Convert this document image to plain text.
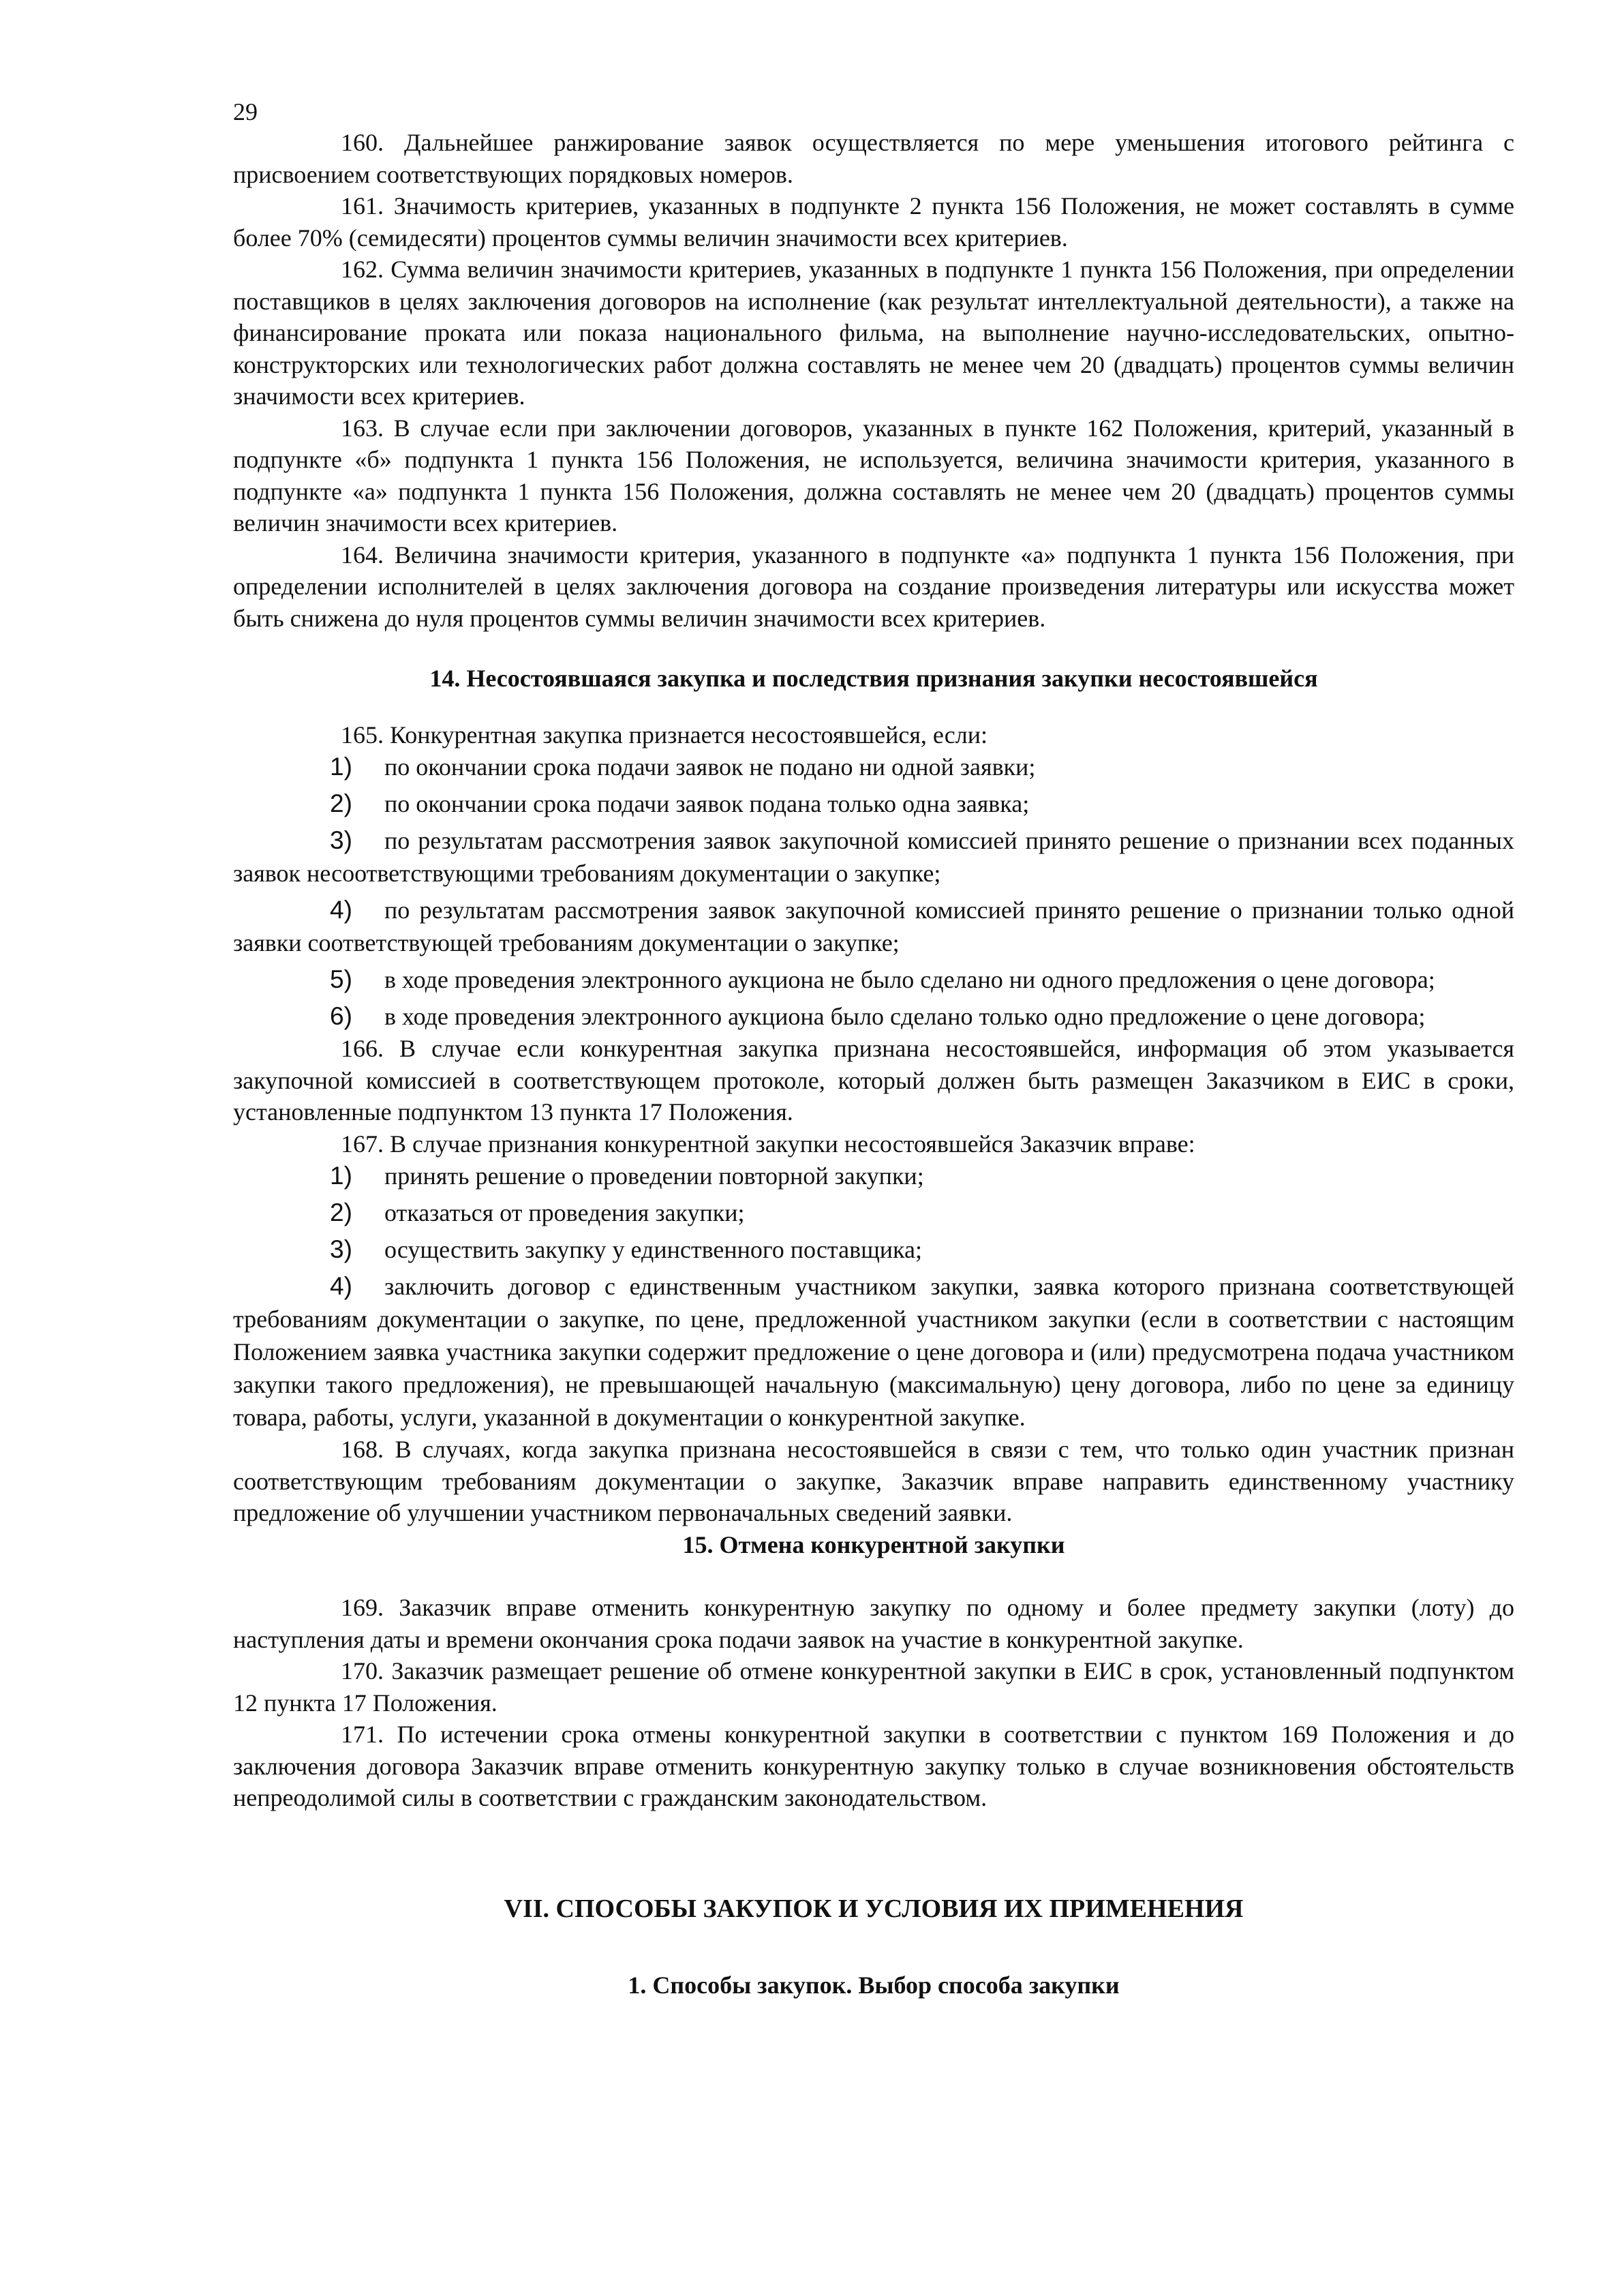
29

160. Дальнейшее ранжирование заявок осуществляется по мере уменьшения итогового рейтинга с присвоением соответствующих порядковых номеров.

161. Значимость критериев, указанных в подпункте 2 пункта 156 Положения, не может составлять в сумме более 70% (семидесяти) процентов суммы величин значимости всех критериев.

162. Сумма величин значимости критериев, указанных в подпункте 1 пункта 156 Положения, при определении поставщиков в целях заключения договоров на исполнение (как результат интеллектуальной деятельности), а также на финансирование проката или показа национального фильма, на выполнение научно-исследовательских, опытно-конструкторских или технологических работ должна составлять не менее чем 20 (двадцать) процентов суммы величин значимости всех критериев.

163. В случае если при заключении договоров, указанных в пункте 162 Положения, критерий, указанный в подпункте «б» подпункта 1 пункта 156 Положения, не используется, величина значимости критерия, указанного в подпункте «а» подпункта 1 пункта 156 Положения, должна составлять не менее чем 20 (двадцать) процентов суммы величин значимости всех критериев.

164. Величина значимости критерия, указанного в подпункте «а» подпункта 1 пункта 156 Положения, при определении исполнителей в целях заключения договора на создание произведения литературы или искусства может быть снижена до нуля процентов суммы величин значимости всех критериев.

14. Несостоявшаяся закупка и последствия признания закупки несостоявшейся

165. Конкурентная закупка признается несостоявшейся, если:

1) по окончании срока подачи заявок не подано ни одной заявки;

2) по окончании срока подачи заявок подана только одна заявка;

3) по результатам рассмотрения заявок закупочной комиссией принято решение о признании всех поданных заявок несоответствующими требованиям документации о закупке;

4) по результатам рассмотрения заявок закупочной комиссией принято решение о признании только одной заявки соответствующей требованиям документации о закупке;

5) в ходе проведения электронного аукциона не было сделано ни одного предложения о цене договора;

6) в ходе проведения электронного аукциона было сделано только одно предложение о цене договора;

166. В случае если конкурентная закупка признана несостоявшейся, информация об этом указывается закупочной комиссией в соответствующем протоколе, который должен быть размещен Заказчиком в ЕИС в сроки, установленные подпунктом 13 пункта 17 Положения.

167. В случае признания конкурентной закупки несостоявшейся Заказчик вправе:

1) принять решение о проведении повторной закупки;

2) отказаться от проведения закупки;

3) осуществить закупку у единственного поставщика;

4) заключить договор с единственным участником закупки, заявка которого признана соответствующей требованиям документации о закупке, по цене, предложенной участником закупки (если в соответствии с настоящим Положением заявка участника закупки содержит предложение о цене договора и (или) предусмотрена подача участником закупки такого предложения), не превышающей начальную (максимальную) цену договора, либо по цене за единицу товара, работы, услуги, указанной в документации о конкурентной закупке.

168. В случаях, когда закупка признана несостоявшейся в связи с тем, что только один участник признан соответствующим требованиям документации о закупке, Заказчик вправе направить единственному участнику предложение об улучшении участником первоначальных сведений заявки.

15. Отмена конкурентной закупки

169. Заказчик вправе отменить конкурентную закупку по одному и более предмету закупки (лоту) до наступления даты и времени окончания срока подачи заявок на участие в конкурентной закупке.

170. Заказчик размещает решение об отмене конкурентной закупки в ЕИС в срок, установленный подпунктом 12 пункта 17 Положения.

171. По истечении срока отмены конкурентной закупки в соответствии с пунктом 169 Положения и до заключения договора Заказчик вправе отменить конкурентную закупку только в случае возникновения обстоятельств непреодолимой силы в соответствии с гражданским законодательством.

VII. СПОСОБЫ ЗАКУПОК И УСЛОВИЯ ИХ ПРИМЕНЕНИЯ

1. Способы закупок. Выбор способа закупки
